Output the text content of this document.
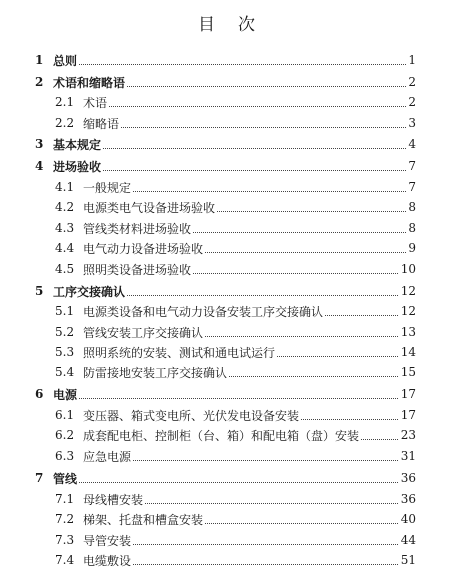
目 次
1 总则	1
2 术语和缩略语	2
2.1 术语	2
2.2 缩略语	3
3 基本规定	4
4 进场验收	7
4.1 一般规定	7
4.2 电源类电气设备进场验收	8
4.3 管线类材料进场验收	8
4.4 电气动力设备进场验收	9
4.5 照明类设备进场验收	10
5 工序交接确认	12
5.1 电源类设备和电气动力设备安装工序交接确认	12
5.2 管线安装工序交接确认	13
5.3 照明系统的安装、测试和通电试运行	14
5.4 防雷接地安装工序交接确认	15
6 电源	17
6.1 变压器、箱式变电所、光伏发电设备安装	17
6.2 成套配电柜、控制柜（台、箱）和配电箱（盘）安装	23
6.3 应急电源	31
7 管线	36
7.1 母线槽安装	36
7.2 梯架、托盘和槽盒安装	40
7.3 导管安装	44
7.4 电缆敷设	51
